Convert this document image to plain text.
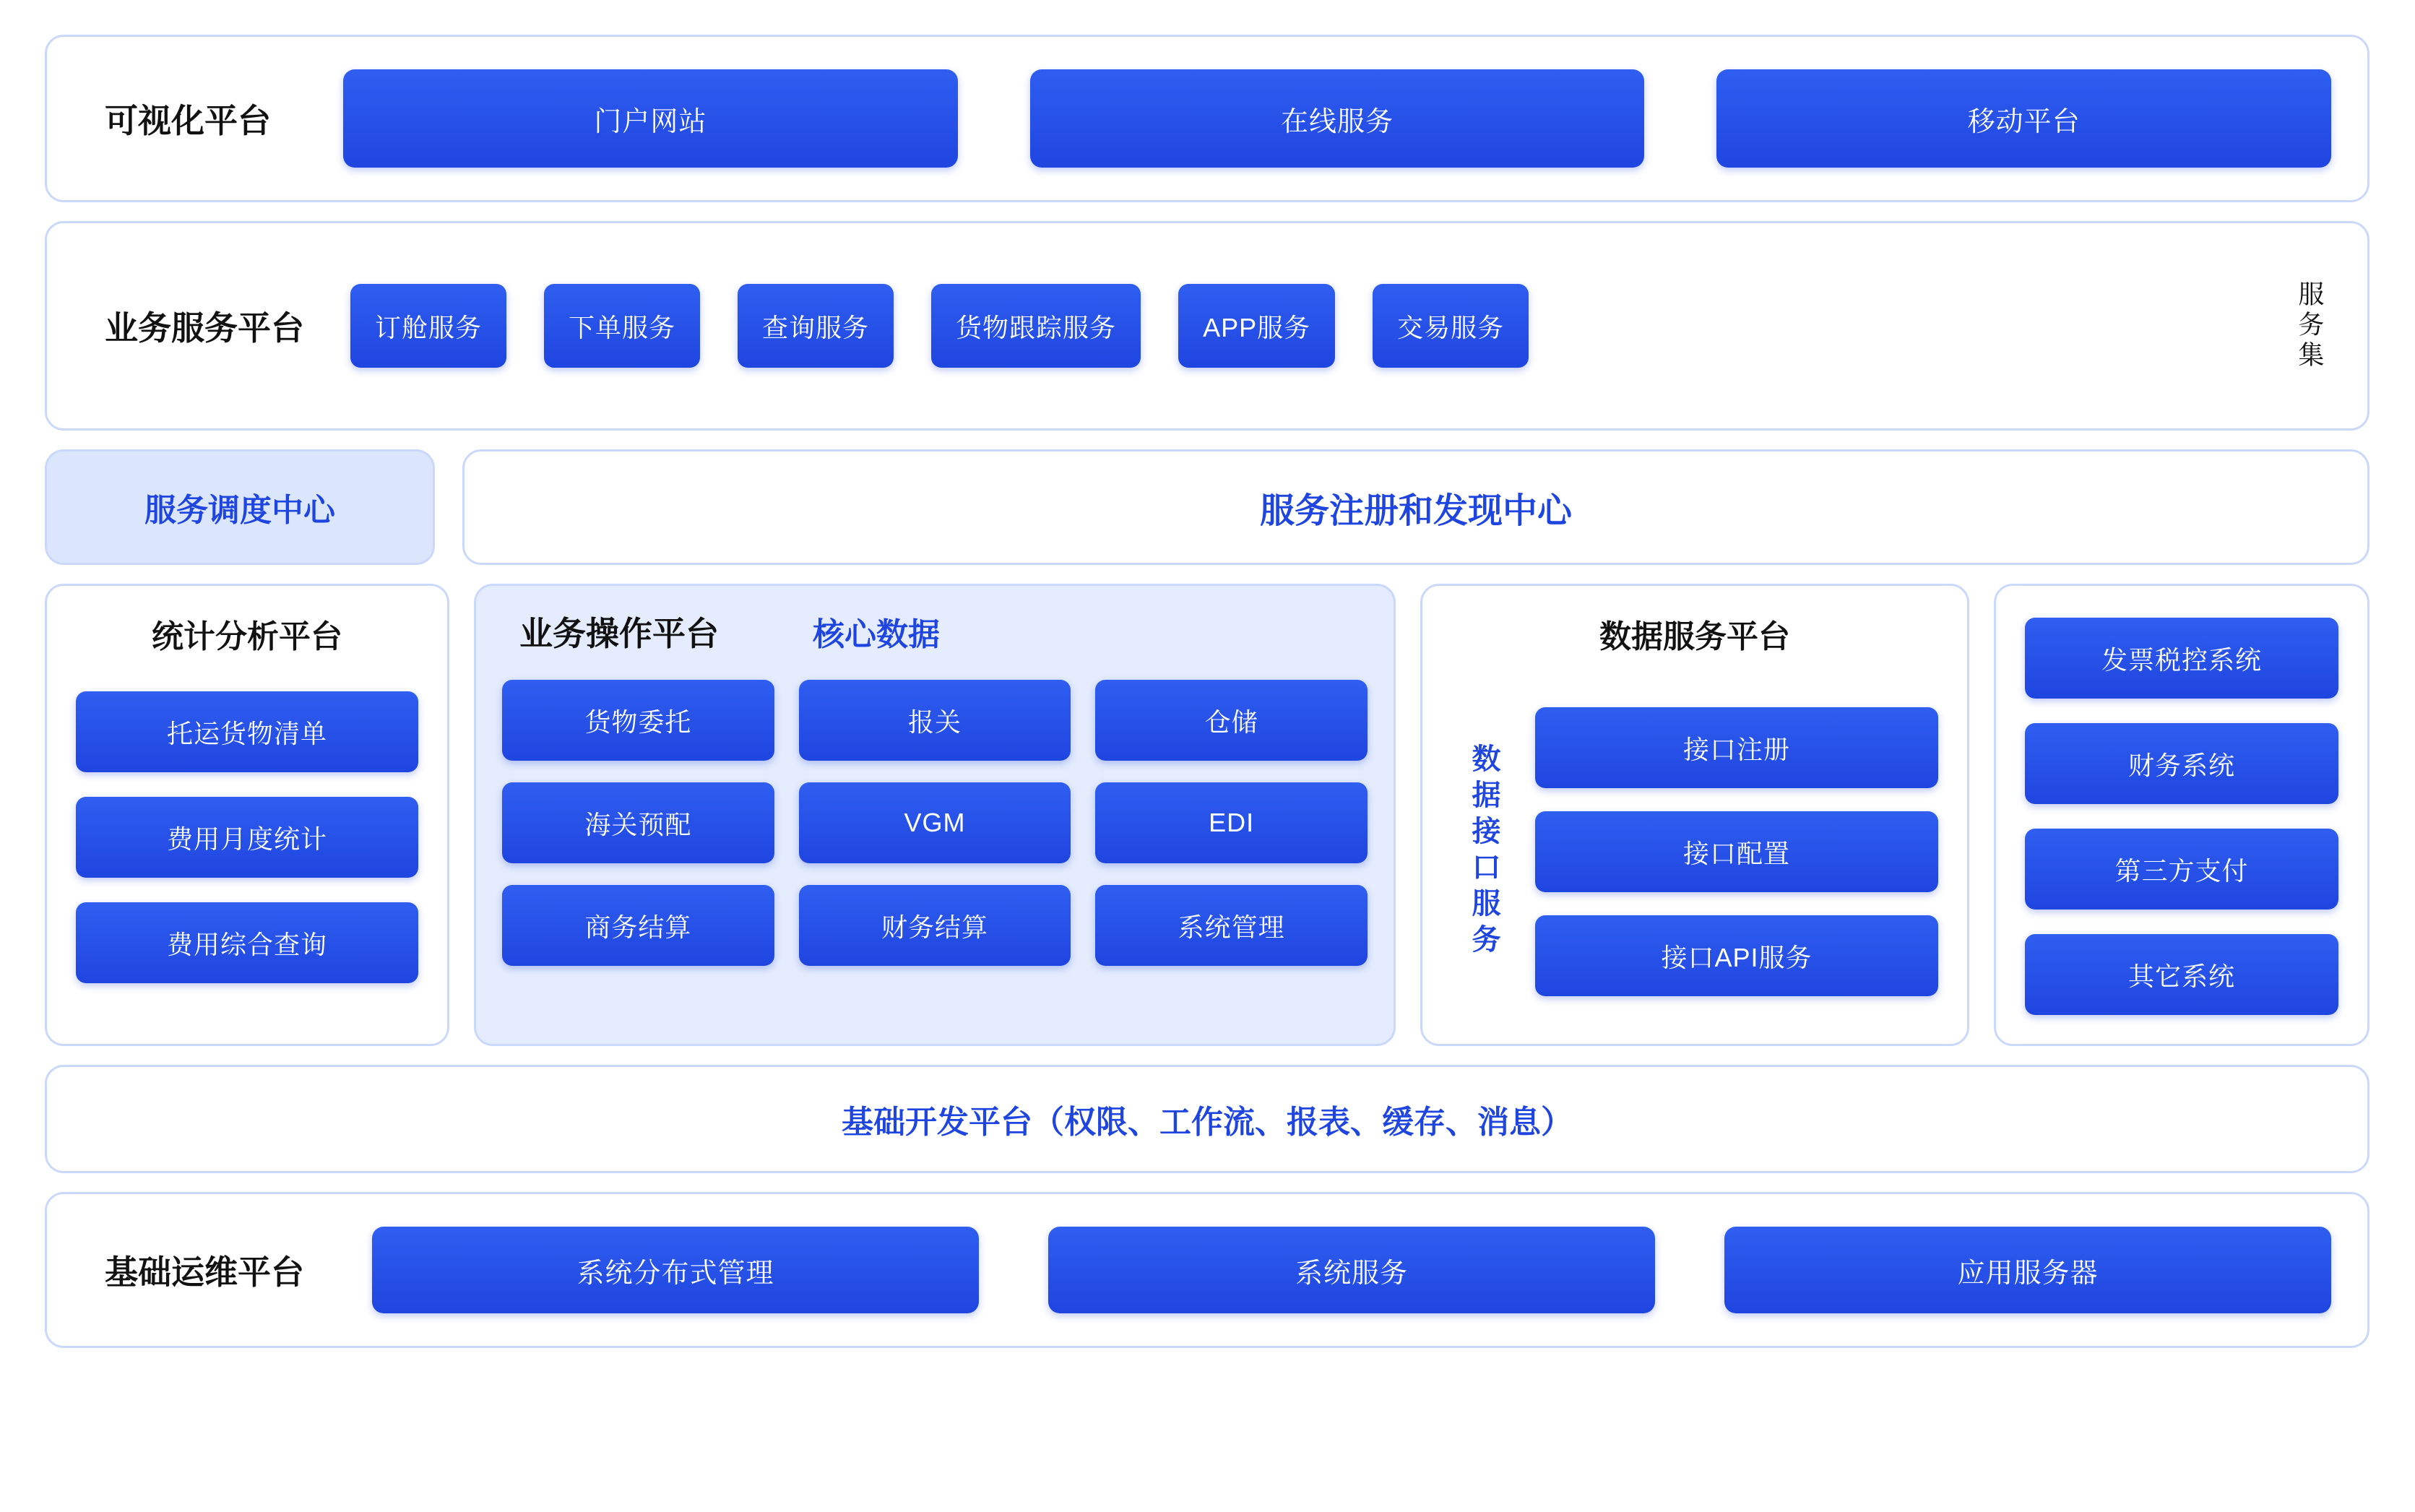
可视化平台	门户网站	在线服务	移动平台
业务服务平台	订舱服务	下单服务	查询服务	货物跟踪服务	APP服务	交易服务	服务集
服务调度中心	服务注册和发现中心
统计分析平台
托运货物清单
费用月度统计
费用综合查询
业务操作平台	核心数据
货物委托	报关	仓储
海关预配	VGM	EDI
商务结算	财务结算	系统管理
数据服务平台
数据接口服务	接口注册
接口配置
接口API服务
发票税控系统
财务系统
第三方支付
其它系统
基础开发平台（权限、工作流、报表、缓存、消息）
基础运维平台	系统分布式管理	系统服务	应用服务器
